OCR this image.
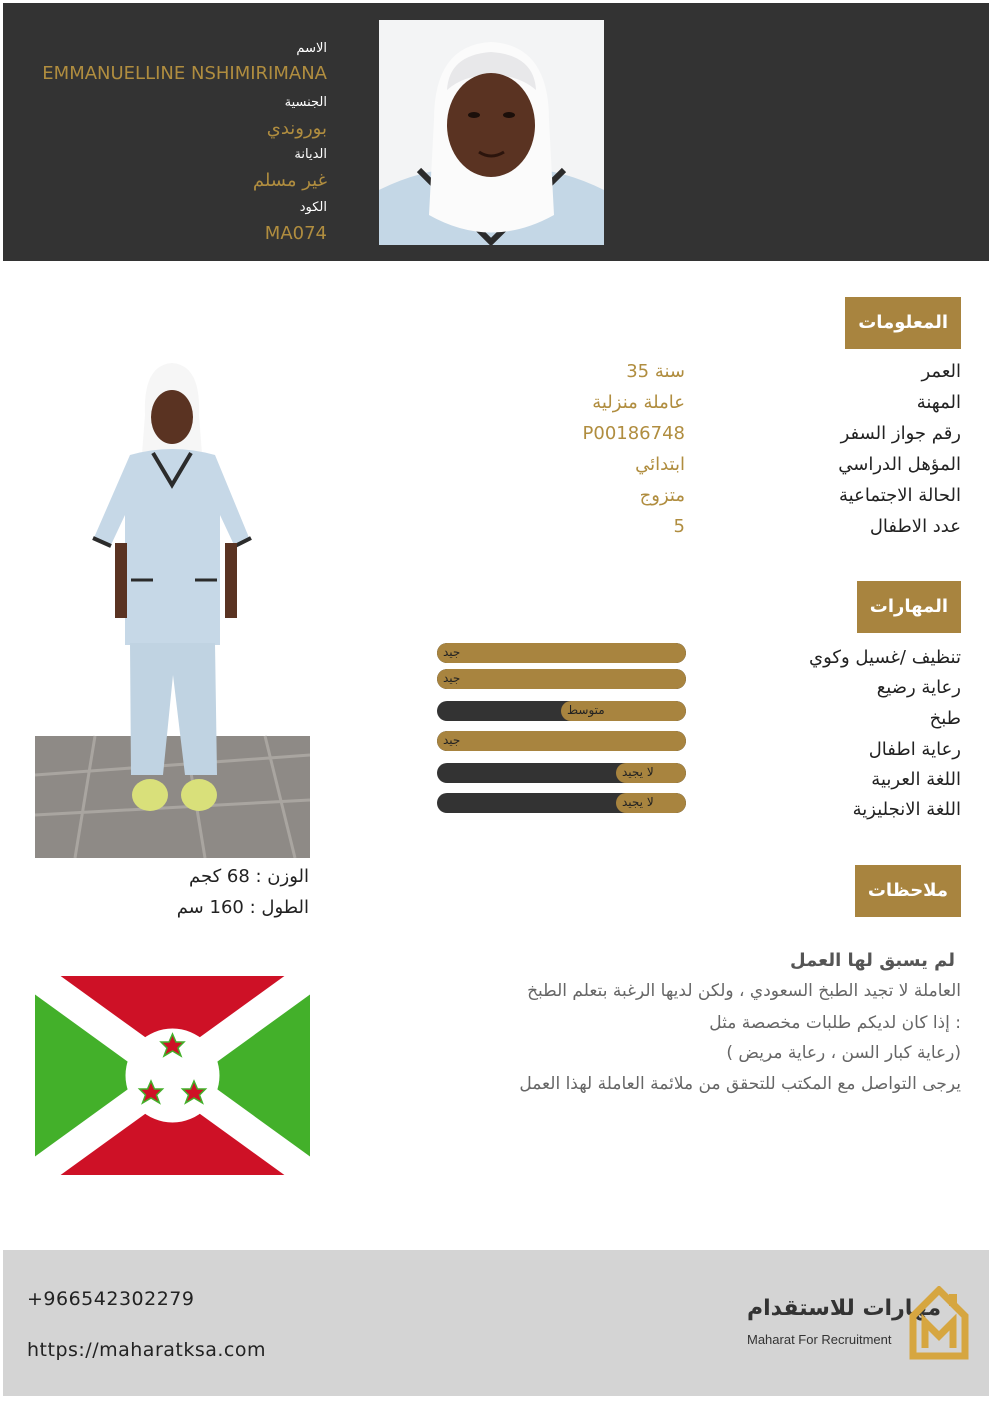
الاسم
EMMANUELLINE NSHIMIRIMANA
الجنسية
بوروندي
الديانة
غير مسلم
الكود
MA074
المعلومات
العمر
35 سنة
المهنة
عاملة منزلية
رقم جواز السفر
P00186748
المؤهل الدراسي
ابتدائي
الحالة الاجتماعية
متزوج
عدد الاطفال
5
المهارات
تنظيف /غسيل وكوي
رعاية رضيع
طبخ
رعاية اطفال
اللغة العربية
اللغة الانجليزية
جيد
جيد
متوسط
جيد
لا يجيد
لا يجيد
ملاحظات
لم يسبق لها العمل
العاملة لا تجيد الطبخ السعودي ، ولكن لديها الرغبة بتعلم الطبخ
إذا كان لديكم طلبات مخصصة مثل :
( رعاية كبار السن ، رعاية مريض)
يرجى التواصل مع المكتب للتحقق من ملائمة العاملة لهذا العمل
الوزن : 68 كجم
الطول : 160 سم
+966542302279
https://maharatksa.com
مهارات للاستقدام
Maharat For Recruitment
